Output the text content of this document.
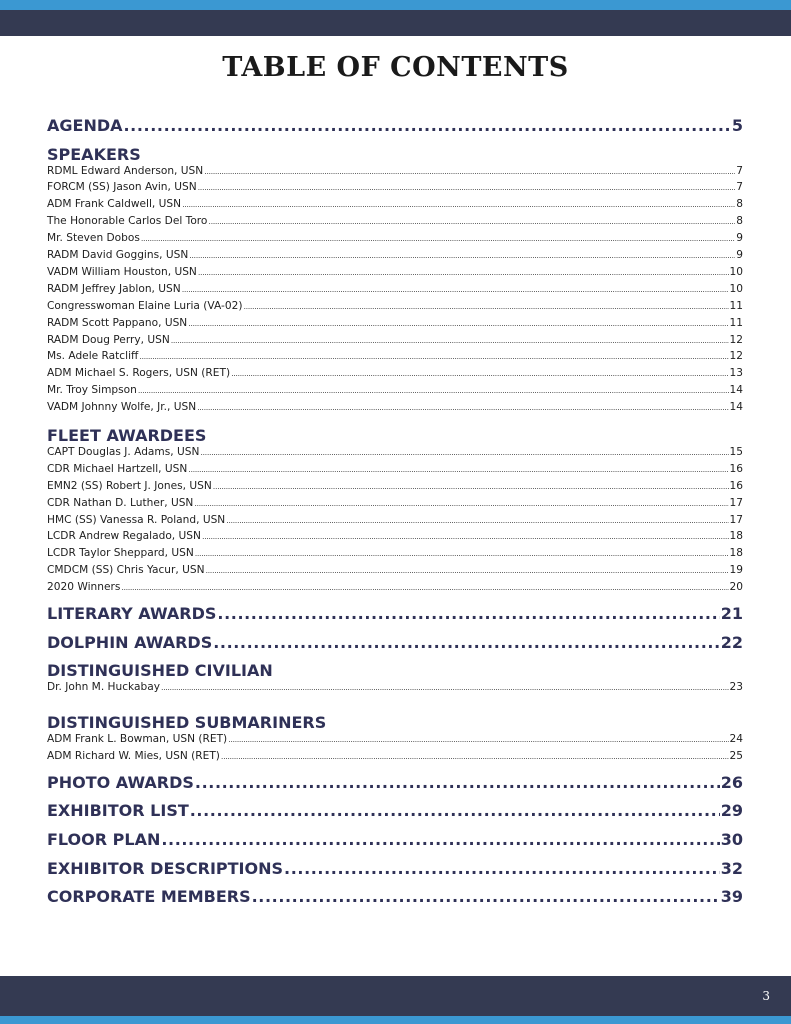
TABLE OF CONTENTS
AGENDA .....	5
SPEAKERS
RDML Edward Anderson, USN .....	7
FORCM (SS) Jason Avin, USN .....	7
ADM Frank Caldwell, USN .....	8
The Honorable Carlos Del Toro .....	8
Mr. Steven Dobos .....	9
RADM David Goggins, USN .....	9
VADM William Houston, USN .....	10
RADM Jeffrey Jablon, USN .....	10
Congresswoman Elaine Luria (VA-02) .....	11
RADM Scott Pappano, USN .....	11
RADM Doug Perry, USN .....	12
Ms. Adele Ratcliff .....	12
ADM Michael S. Rogers, USN (RET) .....	13
Mr. Troy Simpson .....	14
VADM Johnny Wolfe, Jr., USN .....	14
FLEET AWARDEES
CAPT Douglas J. Adams, USN .....	15
CDR Michael Hartzell, USN .....	16
EMN2 (SS) Robert J. Jones, USN .....	16
CDR Nathan D. Luther, USN .....	17
HMC (SS) Vanessa R. Poland, USN .....	17
LCDR Andrew Regalado, USN .....	18
LCDR Taylor Sheppard, USN .....	18
CMDCM (SS) Chris Yacur, USN .....	19
2020 Winners .....	20
LITERARY AWARDS .....	21
DOLPHIN AWARDS .....	22
DISTINGUISHED CIVILIAN
Dr. John M. Huckabay .....	23
DISTINGUISHED SUBMARINERS
ADM Frank L. Bowman, USN (RET) .....	24
ADM Richard W. Mies, USN (RET) .....	25
PHOTO AWARDS .....	26
EXHIBITOR LIST .....	29
FLOOR PLAN .....	30
EXHIBITOR DESCRIPTIONS .....	32
CORPORATE MEMBERS .....	39
3
